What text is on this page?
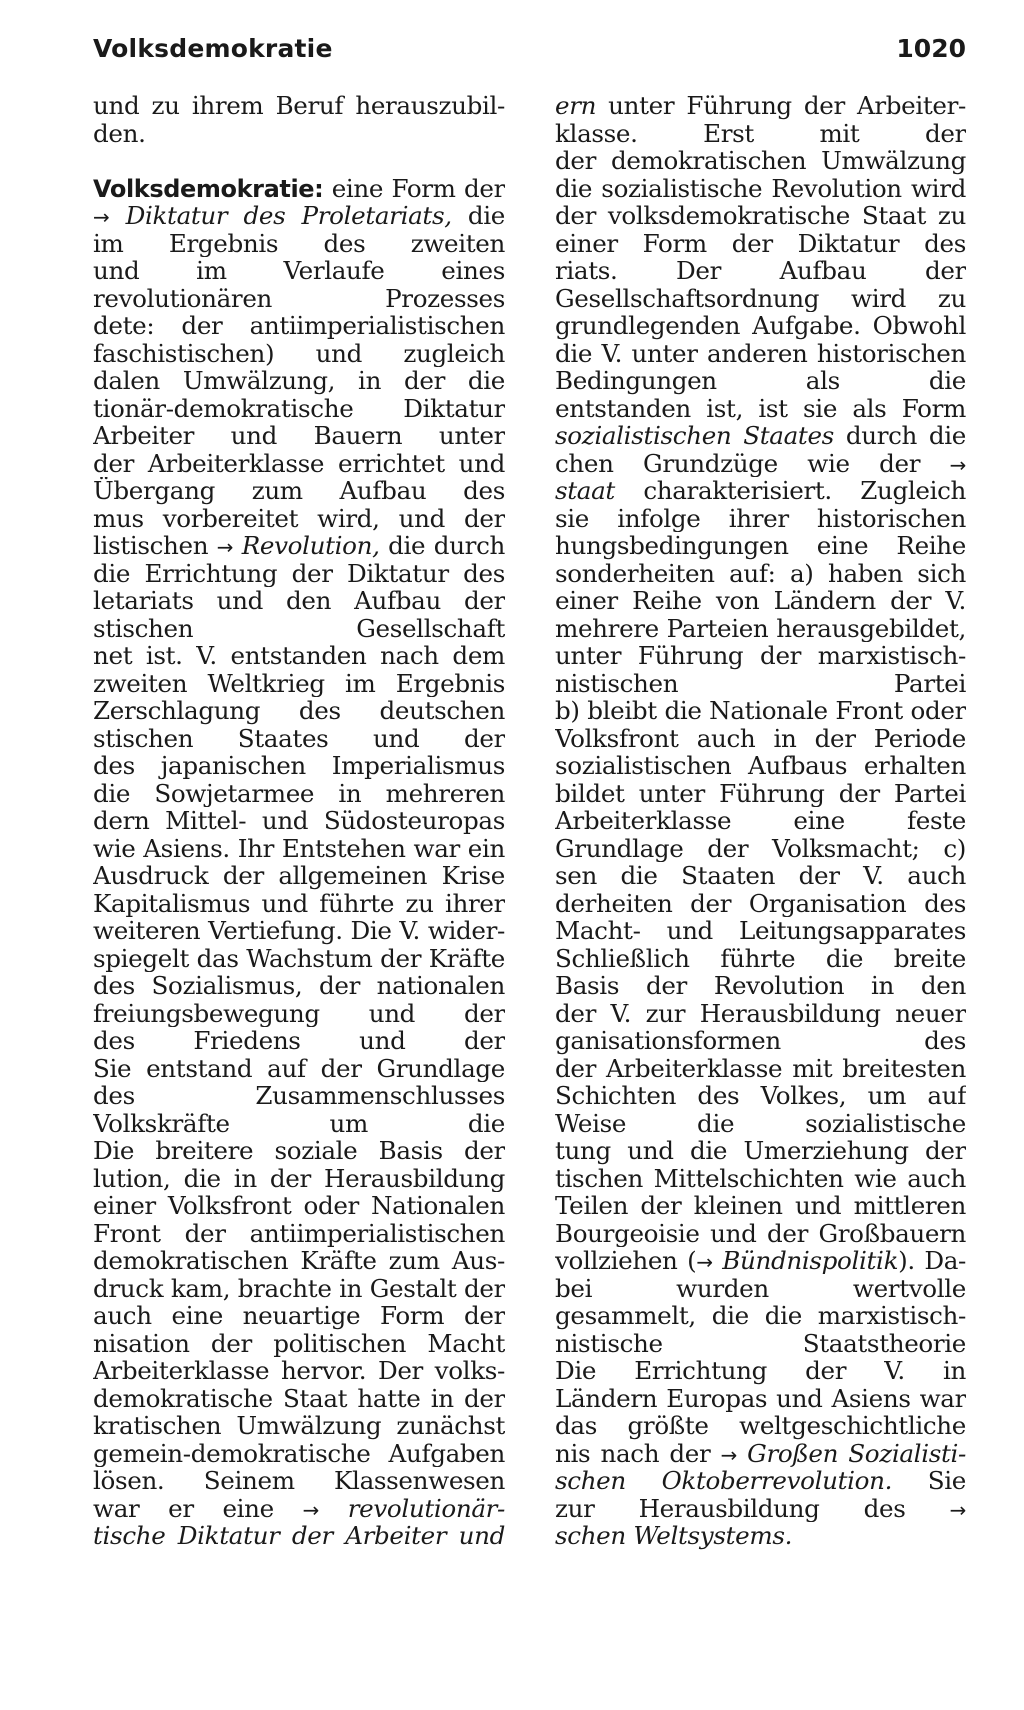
Volksdemokratie	1020
und zu ihrem Beruf herauszubil-
den.
Volksdemokratie: eine Form der
→ Diktatur des Proletariats, die
im Ergebnis des zweiten
und im Verlaufe eines
revolutionären Prozesses
dete: der antiimperialistischen
faschistischen) und zugleich
dalen Umwälzung, in der die
tionär-demokratische Diktatur
Arbeiter und Bauern unter
der Arbeiterklasse errichtet und
Übergang zum Aufbau des
mus vorbereitet wird, und der
listischen → Revolution, die durch
die Errichtung der Diktatur des
letariats und den Aufbau der
stischen Gesellschaft
net ist. V. entstanden nach dem
zweiten Weltkrieg im Ergebnis
Zerschlagung des deutschen
stischen Staates und der
des japanischen Imperialismus
die Sowjetarmee in mehreren
dern Mittel- und Südosteuropas
wie Asiens. Ihr Entstehen war ein
Ausdruck der allgemeinen Krise
Kapitalismus und führte zu ihrer
weiteren Vertiefung. Die V. wider-
spiegelt das Wachstum der Kräfte
des Sozialismus, der nationalen
freiungsbewegung und der
des Friedens und der
Sie entstand auf der Grundlage
des Zusammenschlusses
Volkskräfte um die
Die breitere soziale Basis der
lution, die in der Herausbildung
einer Volksfront oder Nationalen
Front der antiimperialistischen
demokratischen Kräfte zum Aus-
druck kam, brachte in Gestalt der
auch eine neuartige Form der
nisation der politischen Macht
Arbeiterklasse hervor. Der volks-
demokratische Staat hatte in der
kratischen Umwälzung zunächst
gemein-demokratische Aufgaben
lösen. Seinem Klassenwesen
war er eine → revolutionär-
tische Diktatur der Arbeiter und
ern unter Führung der Arbeiter-
klasse. Erst mit der
der demokratischen Umwälzung
die sozialistische Revolution wird
der volksdemokratische Staat zu
einer Form der Diktatur des
riats. Der Aufbau der
Gesellschaftsordnung wird zu
grundlegenden Aufgabe. Obwohl
die V. unter anderen historischen
Bedingungen als die
entstanden ist, ist sie als Form
sozialistischen Staates durch die
chen Grundzüge wie der →
staat charakterisiert. Zugleich
sie infolge ihrer historischen
hungsbedingungen eine Reihe
sonderheiten auf: a) haben sich
einer Reihe von Ländern der V.
mehrere Parteien herausgebildet,
unter Führung der marxistisch-
nistischen Partei
b) bleibt die Nationale Front oder
Volksfront auch in der Periode
sozialistischen Aufbaus erhalten
bildet unter Führung der Partei
Arbeiterklasse eine feste
Grundlage der Volksmacht; c)
sen die Staaten der V. auch
derheiten der Organisation des
Macht- und Leitungsapparates
Schließlich führte die breite
Basis der Revolution in den
der V. zur Herausbildung neuer
ganisationsformen des
der Arbeiterklasse mit breitesten
Schichten des Volkes, um auf
Weise die sozialistische
tung und die Umerziehung der
tischen Mittelschichten wie auch
Teilen der kleinen und mittleren
Bourgeoisie und der Großbauern
vollziehen (→ Bündnispolitik). Da-
bei wurden wertvolle
gesammelt, die die marxistisch-
nistische Staatstheorie
Die Errichtung der V. in
Ländern Europas und Asiens war
das größte weltgeschichtliche
nis nach der → Großen Sozialisti-
schen Oktoberrevolution. Sie
zur Herausbildung des →
schen Weltsystems.
